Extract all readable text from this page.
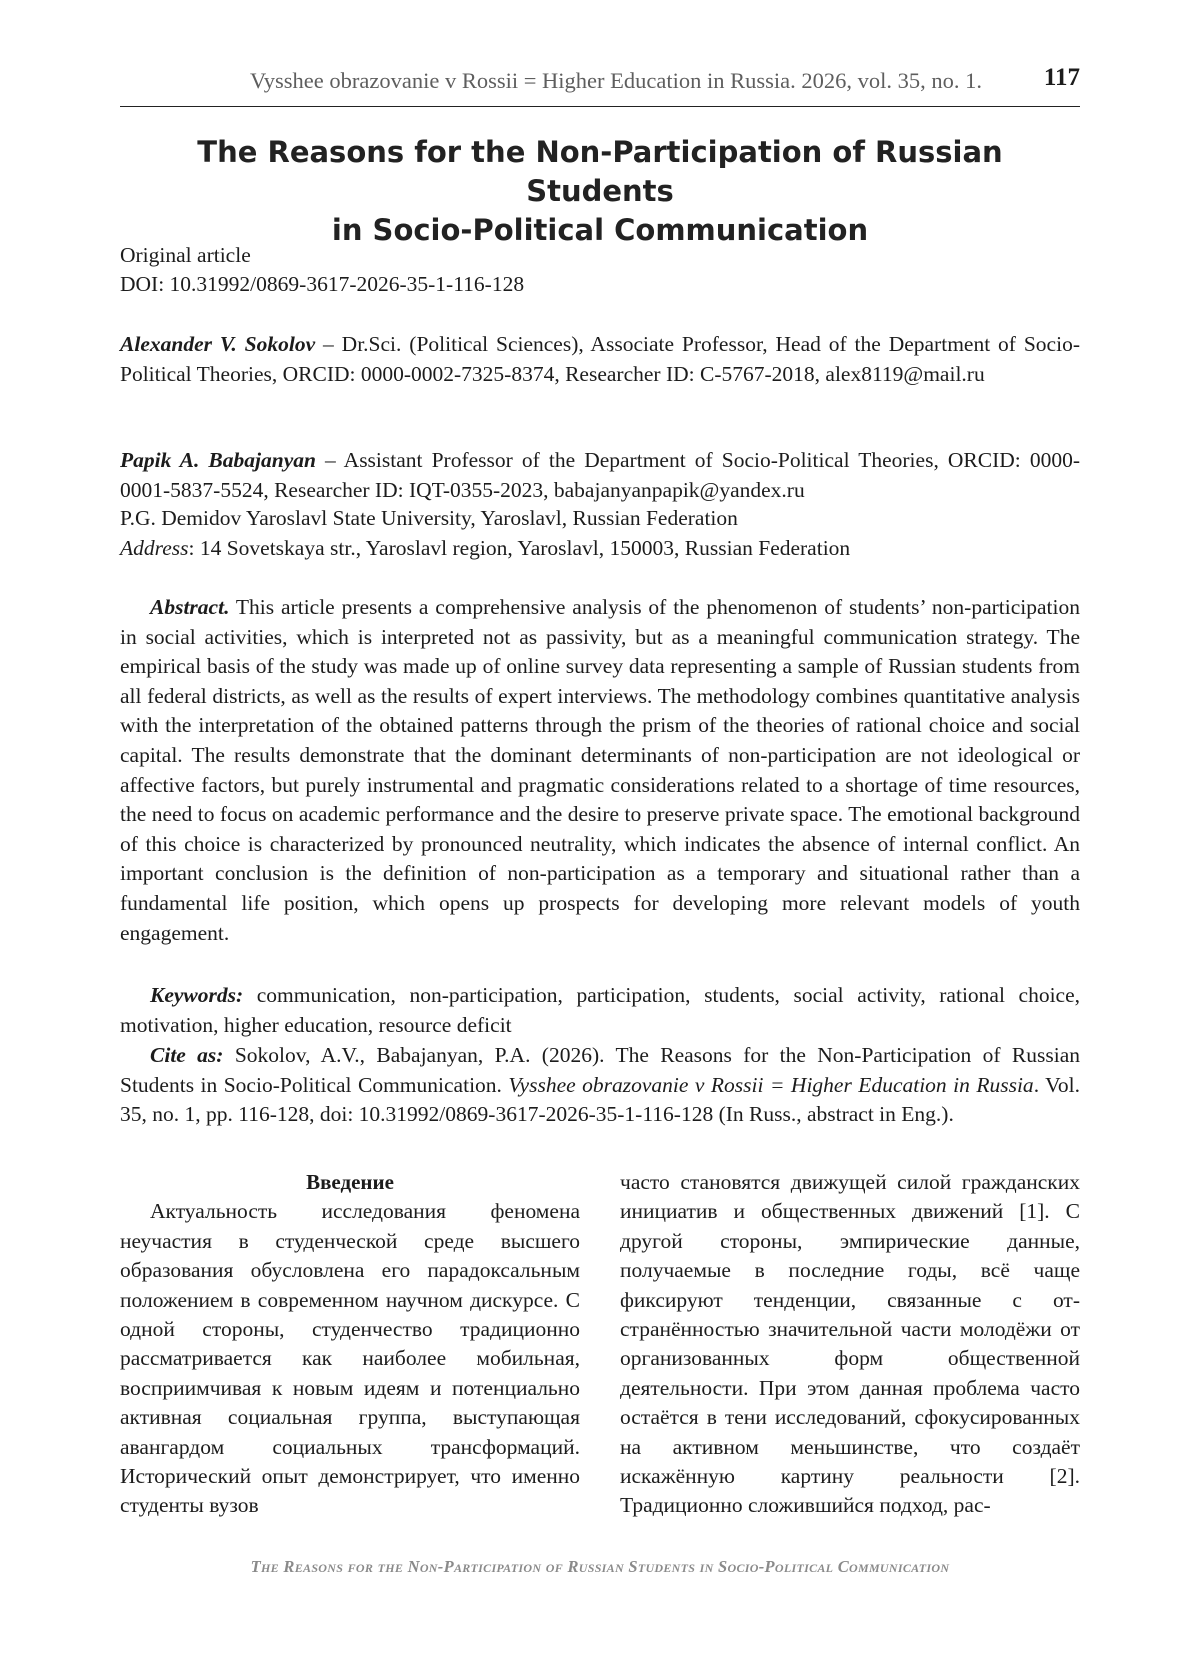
Vysshee obrazovanie v Rossii = Higher Education in Russia. 2026, vol. 35, no. 1. 117
The Reasons for the Non-Participation of Russian Students
in Socio-Political Communication
Original article
DOI: 10.31992/0869-3617-2026-35-1-116-128
Alexander V. Sokolov – Dr.Sci. (Political Sciences), Associate Professor, Head of the Department of Socio-Political Theories, ORCID: 0000-0002-7325-8374, Researcher ID: C-5767-2018, alex8119@mail.ru
Papik A. Babajanyan – Assistant Professor of the Department of Socio-Political Theories, ORCID: 0000-0001-5837-5524, Researcher ID: IQT-0355-2023, babajanyanpapik@yandex.ru
P.G. Demidov Yaroslavl State University, Yaroslavl, Russian Federation
Address: 14 Sovetskaya str., Yaroslavl region, Yaroslavl, 150003, Russian Federation
Abstract. This article presents a comprehensive analysis of the phenomenon of students’ non-participation in social activities, which is interpreted not as passivity, but as a meaningful communication strategy. The empirical basis of the study was made up of online survey data representing a sample of Russian students from all federal districts, as well as the results of expert interviews. The methodology combines quantitative analysis with the interpretation of the obtained patterns through the prism of the theories of rational choice and social capital. The results demonstrate that the dominant determinants of non-participation are not ideological or affective factors, but purely instrumental and pragmatic considerations related to a shortage of time resources, the need to focus on academic performance and the desire to preserve private space. The emotional background of this choice is characterized by pronounced neutrality, which indicates the absence of internal conflict. An important conclusion is the definition of non-participation as a temporary and situational rather than a fundamental life position, which opens up prospects for developing more relevant models of youth engagement.
Keywords: communication, non-participation, participation, students, social activity, rational choice, motivation, higher education, resource deficit
Cite as: Sokolov, A.V., Babajanyan, P.A. (2026). The Reasons for the Non-Participation of Russian Students in Socio-Political Communication. Vysshee obrazovanie v Rossii = Higher Education in Russia. Vol. 35, no. 1, pp. 116-128, doi: 10.31992/0869-3617-2026-35-1-116-128 (In Russ., abstract in Eng.).
Введение
Актуальность исследования феномена неучастия в студенческой среде высшего образования обусловлена его парадоксальным положением в современном научном дискурсе. С одной стороны, студенчество традиционно рассматривается как наиболее мобильная, восприимчивая к новым идеям и потенциально активная социальная группа, выступающая авангардом социальных трансформаций. Исторический опыт демонстрирует, что именно студенты вузов
часто становятся движущей силой гражданских инициатив и общественных движений [1]. С другой стороны, эмпирические данные, получаемые в последние годы, всё чаще фиксируют тенденции, связанные с отстранённостью значительной части молодёжи от организованных форм общественной деятельности. При этом данная проблема часто остаётся в тени исследований, сфокусированных на активном меньшинстве, что создаёт искажённую картину реальности [2]. Традиционно сложившийся подход, рас-
The Reasons for the Non-Participation of Russian Students in Socio-Political Communication
